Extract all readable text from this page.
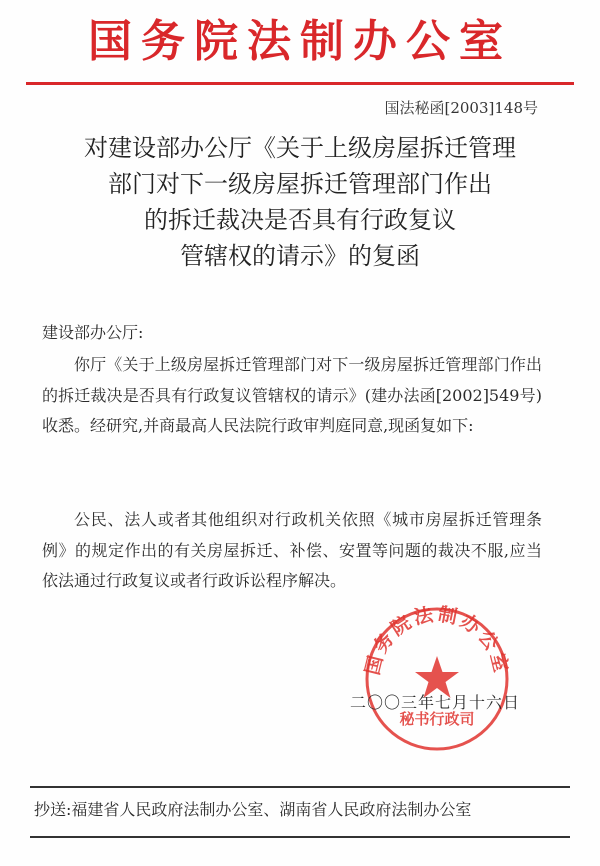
国务院法制办公室
国法秘函[2003]148号
对建设部办公厅《关于上级房屋拆迁管理
部门对下一级房屋拆迁管理部门作出
的拆迁裁决是否具有行政复议
管辖权的请示》的复函
建设部办公厅:
你厅《关于上级房屋拆迁管理部门对下一级房屋拆迁管理部门作出的拆迁裁决是否具有行政复议管辖权的请示》(建办法函[2002]549号)收悉。经研究,并商最高人民法院行政审判庭同意,现函复如下:
公民、法人或者其他组织对行政机关依照《城市房屋拆迁管理条例》的规定作出的有关房屋拆迁、补偿、安置等问题的裁决不服,应当依法通过行政复议或者行政诉讼程序解决。
国务院法制办公室
秘书行政司
二〇〇三年七月十六日
抄送:福建省人民政府法制办公室、湖南省人民政府法制办公室
